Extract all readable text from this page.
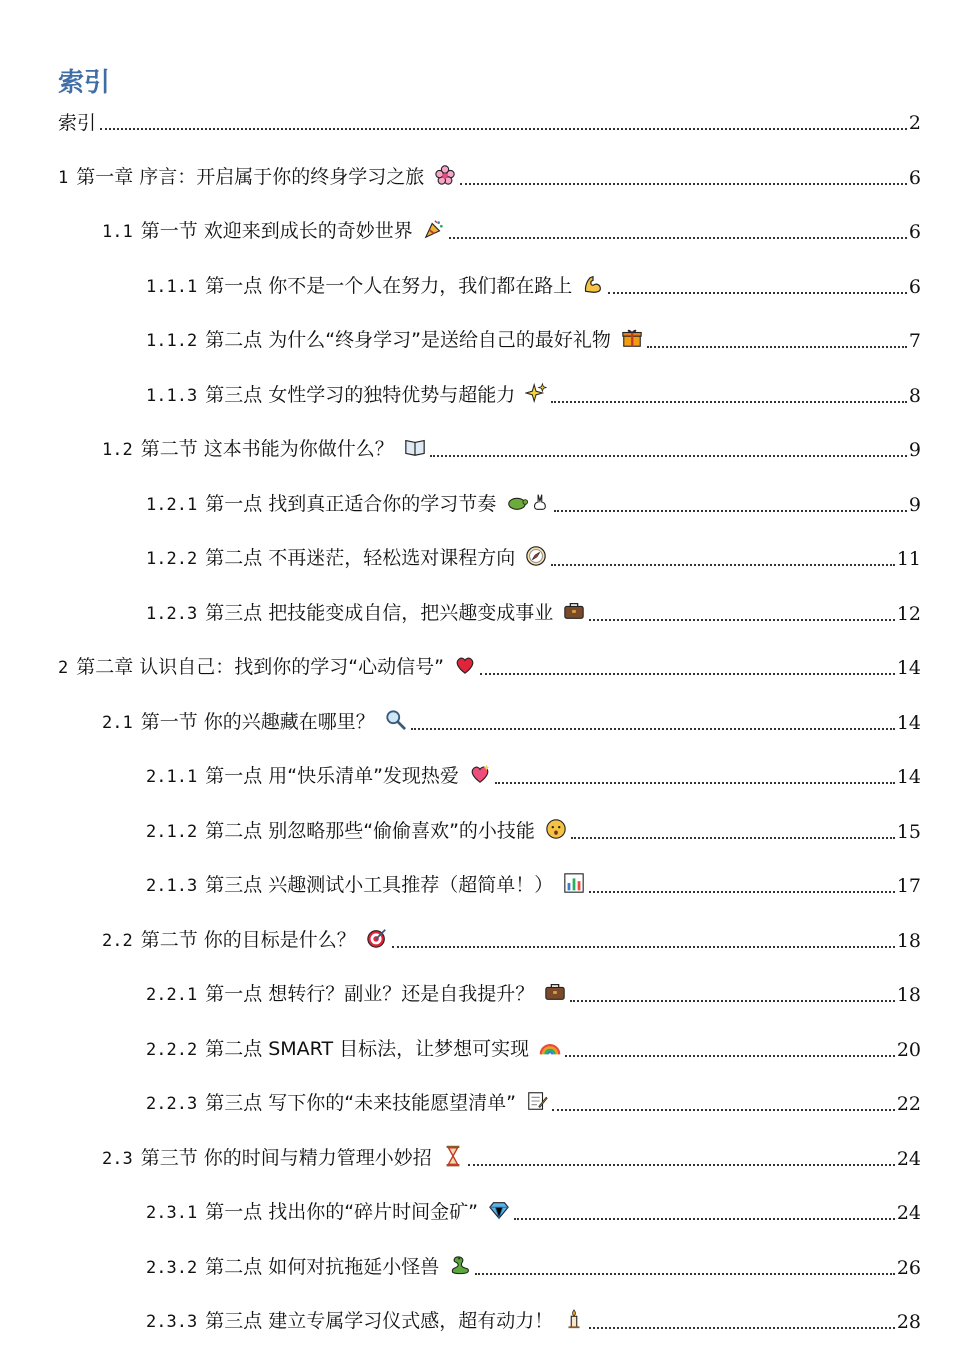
索引
索引	2
1 第一章 序言：开启属于你的终身学习之旅	6
1.1 第一节 欢迎来到成长的奇妙世界	6
1.1.1 第一点 你不是一个人在努力，我们都在路上	6
1.1.2 第二点 为什么“终身学习”是送给自己的最好礼物	7
1.1.3 第三点 女性学习的独特优势与超能力	8
1.2 第二节 这本书能为你做什么？	9
1.2.1 第一点 找到真正适合你的学习节奏	9
1.2.2 第二点 不再迷茫，轻松选对课程方向	11
1.2.3 第三点 把技能变成自信，把兴趣变成事业	12
2 第二章 认识自己：找到你的学习“心动信号”	14
2.1 第一节 你的兴趣藏在哪里？	14
2.1.1 第一点 用“快乐清单”发现热爱	14
2.1.2 第二点 别忽略那些“偷偷喜欢”的小技能	15
2.1.3 第三点 兴趣测试小工具推荐（超简单！）	17
2.2 第二节 你的目标是什么？	18
2.2.1 第一点 想转行？副业？还是自我提升？	18
2.2.2 第二点 SMART 目标法，让梦想可实现	20
2.2.3 第三点 写下你的“未来技能愿望清单”	22
2.3 第三节 你的时间与精力管理小妙招	24
2.3.1 第一点 找出你的“碎片时间金矿”	24
2.3.2 第二点 如何对抗拖延小怪兽	26
2.3.3 第三点 建立专属学习仪式感，超有动力！	28
